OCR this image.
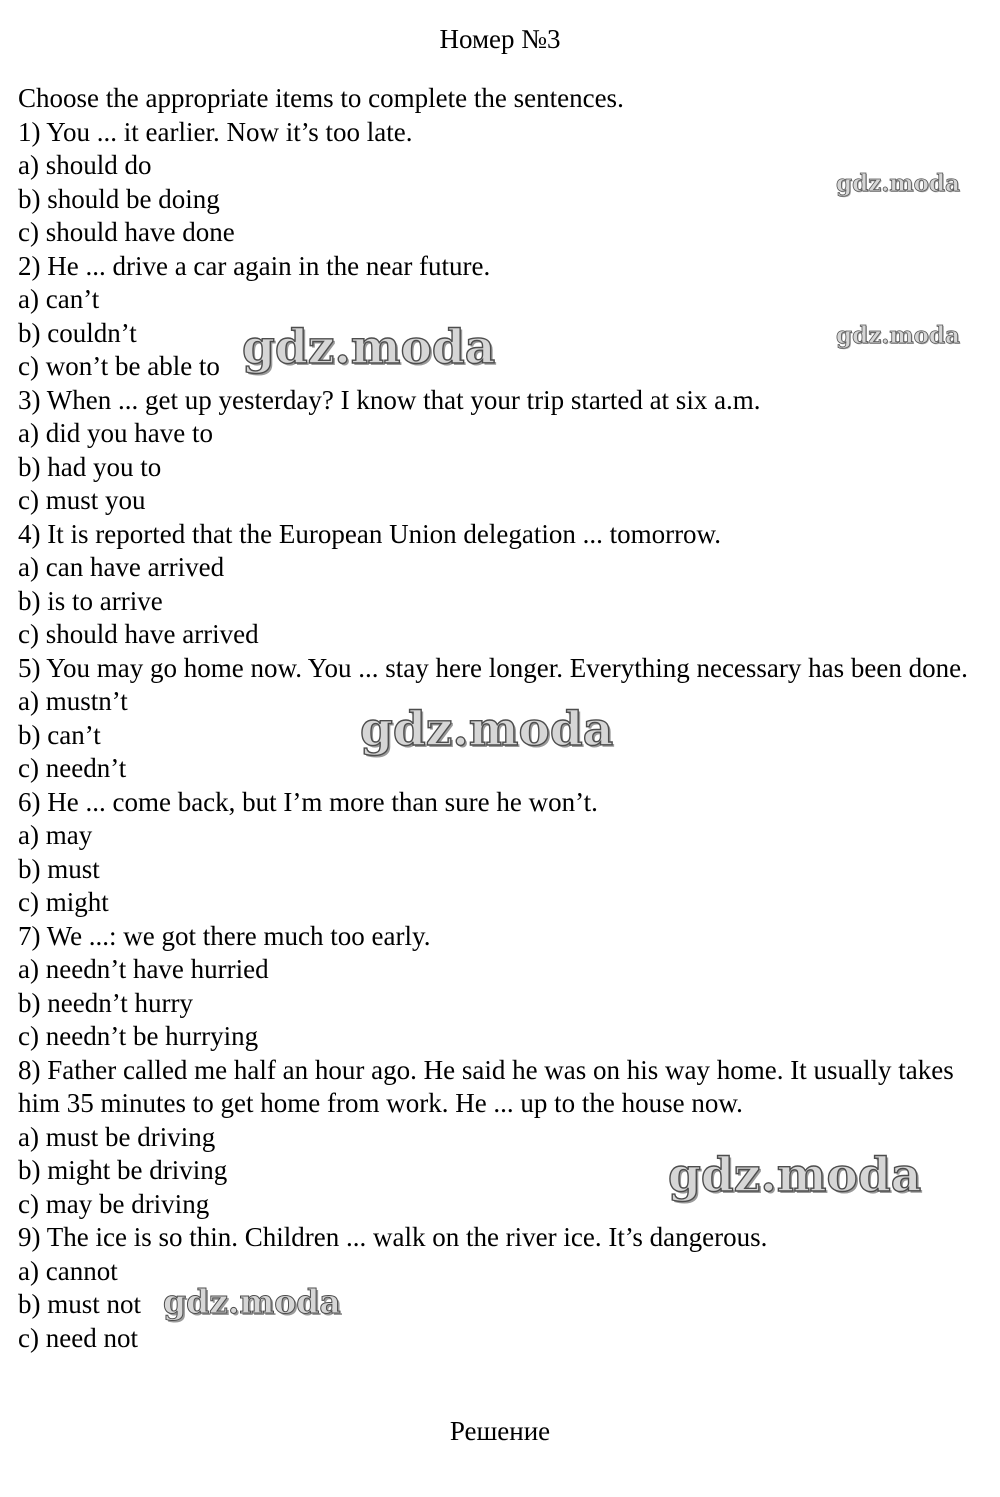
Номер №3
Choose the appropriate items to complete the sentences.
1) You ... it earlier. Now it’s too late.
a) should do
b) should be doing
c) should have done
2) He ... drive a car again in the near future.
a) can’t
b) couldn’t
c) won’t be able to
3) When ... get up yesterday? I know that your trip started at six a.m.
a) did you have to
b) had you to
c) must you
4) It is reported that the European Union delegation ... tomorrow.
a) can have arrived
b) is to arrive
c) should have arrived
5) You may go home now. You ... stay here longer. Everything necessary has been done.
a) mustn’t
b) can’t
c) needn’t
6) He ... come back, but I’m more than sure he won’t.
a) may
b) must
c) might
7) We ...: we got there much too early.
a) needn’t have hurried
b) needn’t hurry
c) needn’t be hurrying
8) Father called me half an hour ago. He said he was on his way home. It usually takes him 35 minutes to get home from work. He ... up to the house now.
a) must be driving
b) might be driving
c) may be driving
9) The ice is so thin. Children ... walk on the river ice. It’s dangerous.
a) cannot
b) must not
c) need not
Решение
gdz.moda
gdz.moda
gdz.moda
gdz.moda
gdz.moda
gdz.moda
